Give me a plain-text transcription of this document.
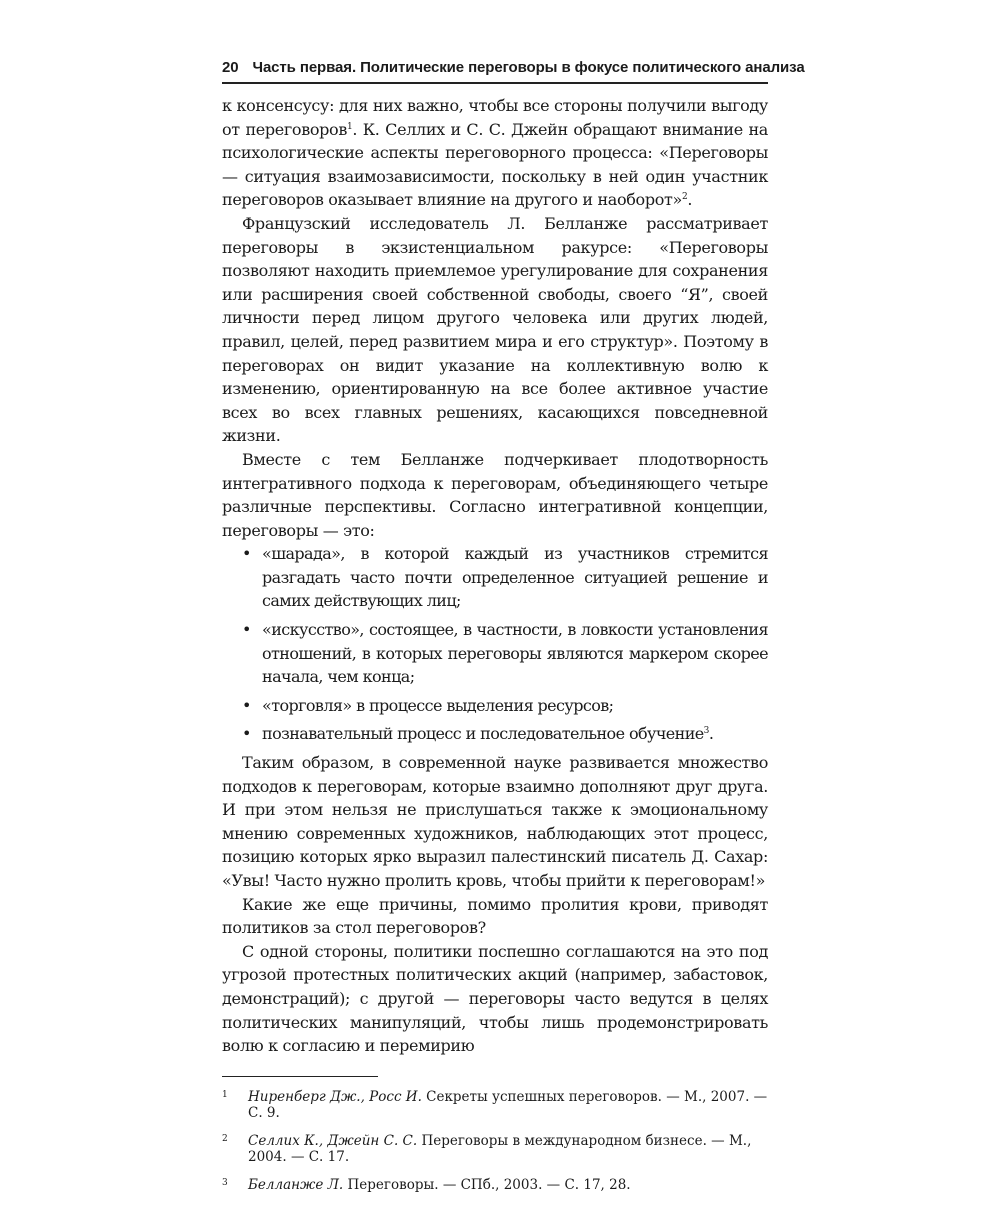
20 Часть первая. Политические переговоры в фокусе политического анализа

к консенсусу: для них важно, чтобы все стороны получили выгоду от переговоров$^1$. К. Селлих и С. С. Джейн обращают внимание на психологические аспекты переговорного процесса: «Переговоры — ситуация взаимозависимости, поскольку в ней один участник переговоров оказывает влияние на другого и наоборот»$^2$.

Французский исследователь Л. Белланже рассматривает переговоры в экзистенциальном ракурсе: «Переговоры позволяют находить приемлемое урегулирование для сохранения или расширения своей собственной свободы, своего “Я”, своей личности перед лицом другого человека или других людей, правил, целей, перед развитием мира и его структур». Поэтому в переговорах он видит указание на коллективную волю к изменению, ориентированную на все более активное участие всех во всех главных решениях, касающихся повседневной жизни.

Вместе с тем Белланже подчеркивает плодотворность интегративного подхода к переговорам, объединяющего четыре различные перспективы. Согласно интегративной концепции, переговоры — это:

• «шарада», в которой каждый из участников стремится разгадать часто почти определенное ситуацией решение и самих действующих лиц;
• «искусство», состоящее, в частности, в ловкости установления отношений, в которых переговоры являются маркером скорее начала, чем конца;
• «торговля» в процессе выделения ресурсов;
• познавательный процесс и последовательное обучение$^3$.

Таким образом, в современной науке развивается множество подходов к переговорам, которые взаимно дополняют друг друга. И при этом нельзя не прислушаться также к эмоциональному мнению современных художников, наблюдающих этот процесс, позицию которых ярко выразил палестинский писатель Д. Сахар: «Увы! Часто нужно пролить кровь, чтобы прийти к переговорам!»

Какие же еще причины, помимо пролития крови, приводят политиков за стол переговоров?

С одной стороны, политики поспешно соглашаются на это под угрозой протестных политических акций (например, забастовок, демонстраций); с другой — переговоры часто ведутся в целях политических манипуляций, чтобы лишь продемонстрировать волю к согласию и перемирию

1	Ниренберг Дж., Росс И. Секреты успешных переговоров. — М., 2007. — С. 9.
2	Селлих К., Джейн С. С. Переговоры в международном бизнесе. — М., 2004. — С. 17.
3	Белланже Л. Переговоры. — СПб., 2003. — С. 17, 28.
